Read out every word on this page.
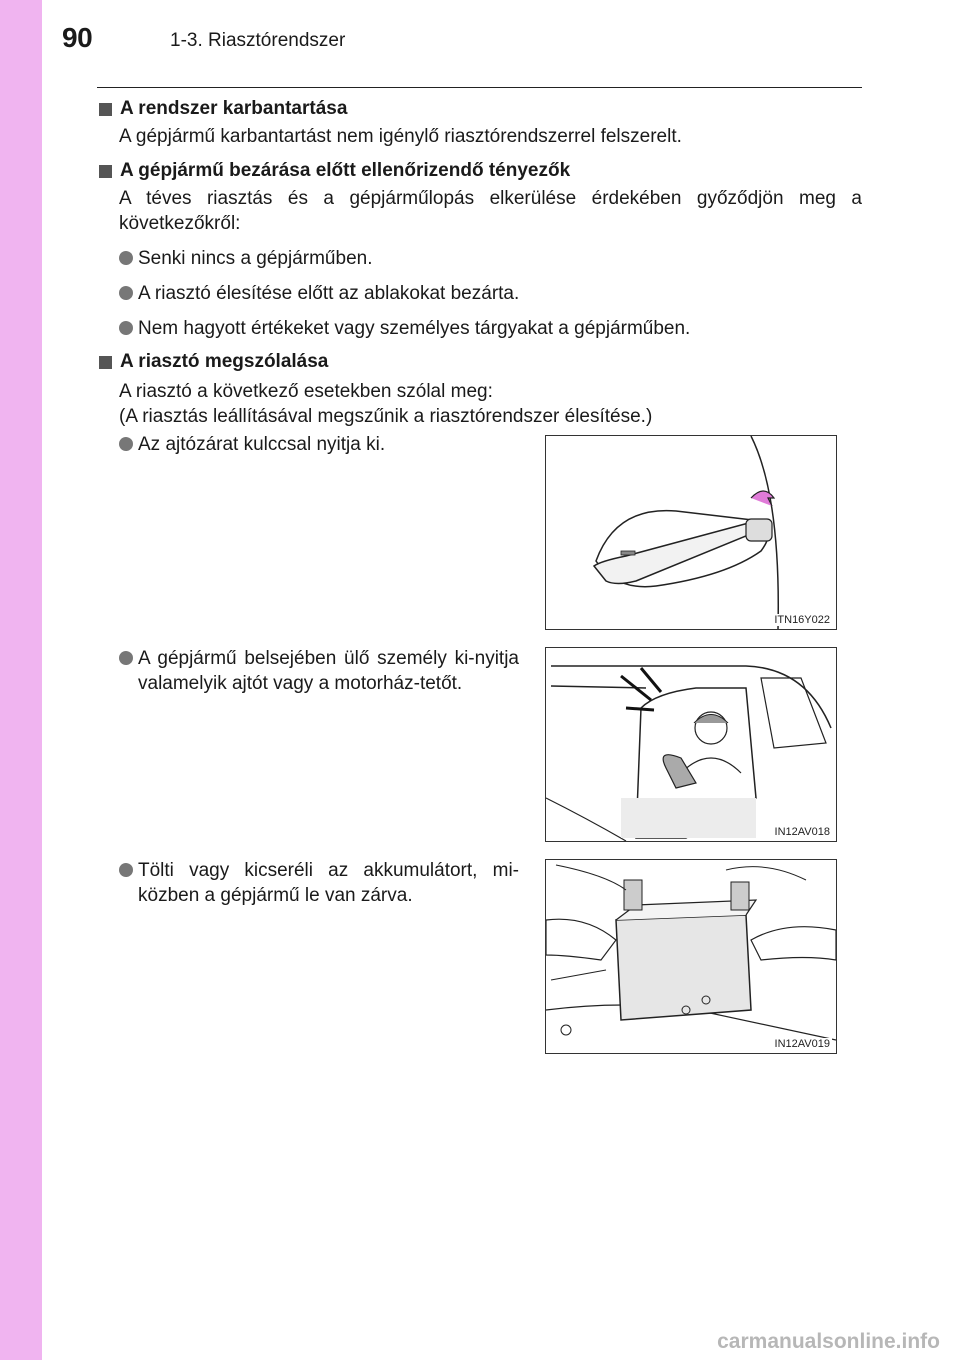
90	1-3. Riasztórendszer
A rendszer karbantartása
A gépjármű karbantartást nem igénylő riasztórendszerrel felszerelt.
A gépjármű bezárása előtt ellenőrizendő tényezők
A téves riasztás és a gépjárműlopás elkerülése érdekében győződjön meg a következőkről:
Senki nincs a gépjárműben.
A riasztó élesítése előtt az ablakokat bezárta.
Nem hagyott értékeket vagy személyes tárgyakat a gépjárműben.
A riasztó megszólalása
A riasztó a következő esetekben szólal meg:
(A riasztás leállításával megszűnik a riasztórendszer élesítése.)
Az ajtózárat kulccsal nyitja ki.
ITN16Y022
A gépjármű belsejében ülő személy ki-nyitja valamelyik ajtót vagy a motorház-tetőt.
IN12AV018
Tölti vagy kicseréli az akkumulátort, mi-közben a gépjármű le van zárva.
IN12AV019
carmanualsonline.info
